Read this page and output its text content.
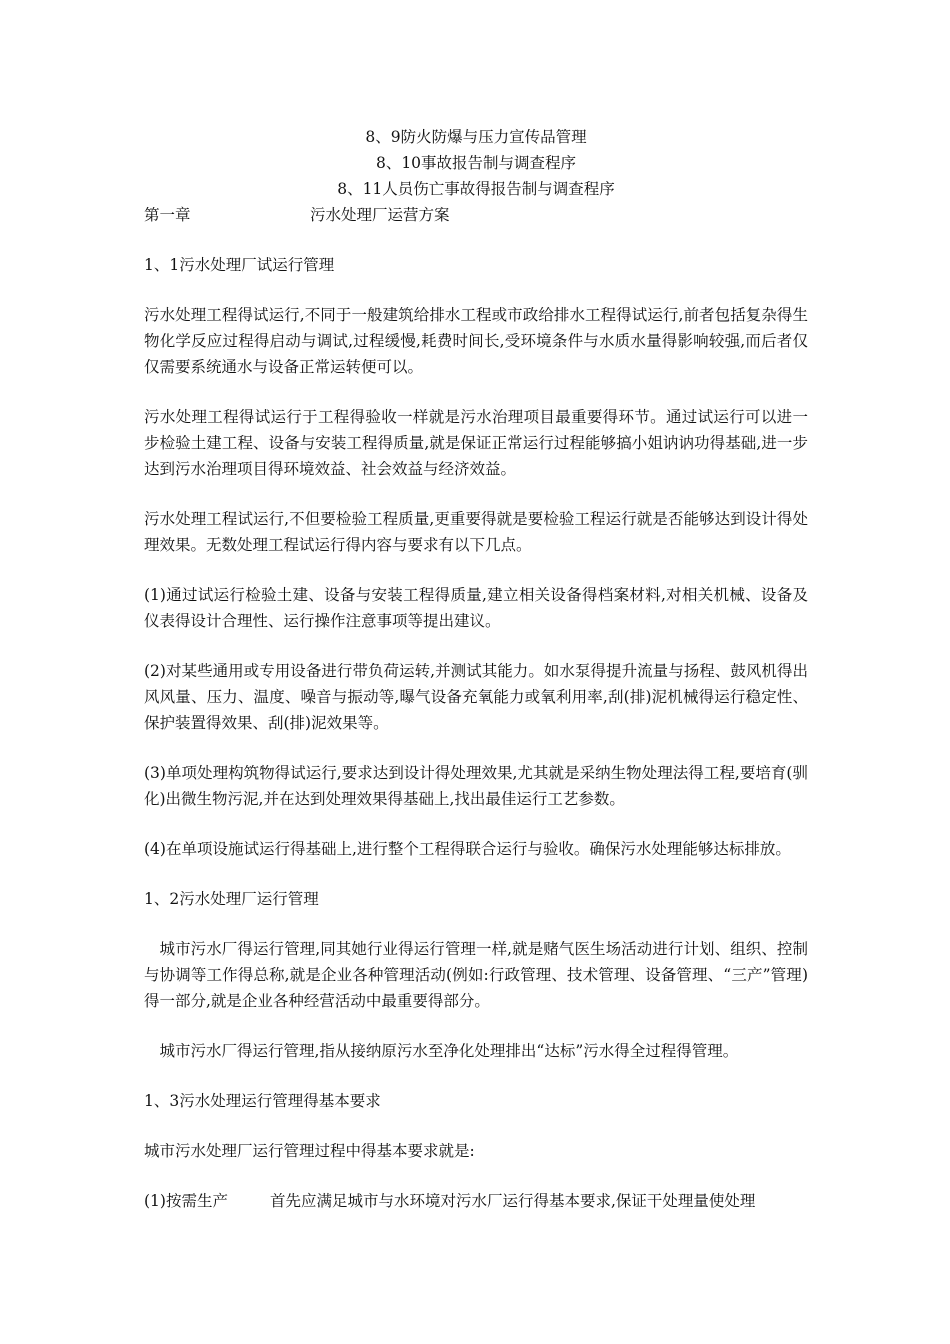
8、9防火防爆与压力宣传品管理
8、10事故报告制与调查程序
8、11人员伤亡事故得报告制与调查程序
第一章	污水处理厂运营方案
1、1污水处理厂试运行管理

污水处理工程得试运行,不同于一般建筑给排水工程或市政给排水工程得试运行,前者包括复杂得生物化学反应过程得启动与调试,过程缓慢,耗费时间长,受环境条件与水质水量得影响较强,而后者仅仅需要系统通水与设备正常运转便可以。

污水处理工程得试运行于工程得验收一样就是污水治理项目最重要得环节。通过试运行可以进一步检验土建工程、设备与安装工程得质量,就是保证正常运行过程能够搞小姐讷讷功得基础,进一步达到污水治理项目得环境效益、社会效益与经济效益。

污水处理工程试运行,不但要检验工程质量,更重要得就是要检验工程运行就是否能够达到设计得处理效果。无数处理工程试运行得内容与要求有以下几点。

(1)通过试运行检验土建、设备与安装工程得质量,建立相关设备得档案材料,对相关机械、设备及仪表得设计合理性、运行操作注意事项等提出建议。

(2)对某些通用或专用设备进行带负荷运转,并测试其能力。如水泵得提升流量与扬程、鼓风机得出风风量、压力、温度、噪音与振动等,曝气设备充氧能力或氧利用率,刮(排)泥机械得运行稳定性、保护装置得效果、刮(排)泥效果等。

(3)单项处理构筑物得试运行,要求达到设计得处理效果,尤其就是采纳生物处理法得工程,要培育(驯化)出微生物污泥,并在达到处理效果得基础上,找出最佳运行工艺参数。

(4)在单项设施试运行得基础上,进行整个工程得联合运行与验收。确保污水处理能够达标排放。

1、2污水处理厂运行管理

城市污水厂得运行管理,同其她行业得运行管理一样,就是赌气医生场活动进行计划、组织、控制与协调等工作得总称,就是企业各种管理活动(例如:行政管理、技术管理、设备管理、“三产”管理)得一部分,就是企业各种经营活动中最重要得部分。

城市污水厂得运行管理,指从接纳原污水至净化处理排出“达标”污水得全过程得管理。

1、3污水处理运行管理得基本要求

城市污水处理厂运行管理过程中得基本要求就是:

(1)按需生产	首先应满足城市与水环境对污水厂运行得基本要求,保证干处理量使处理
